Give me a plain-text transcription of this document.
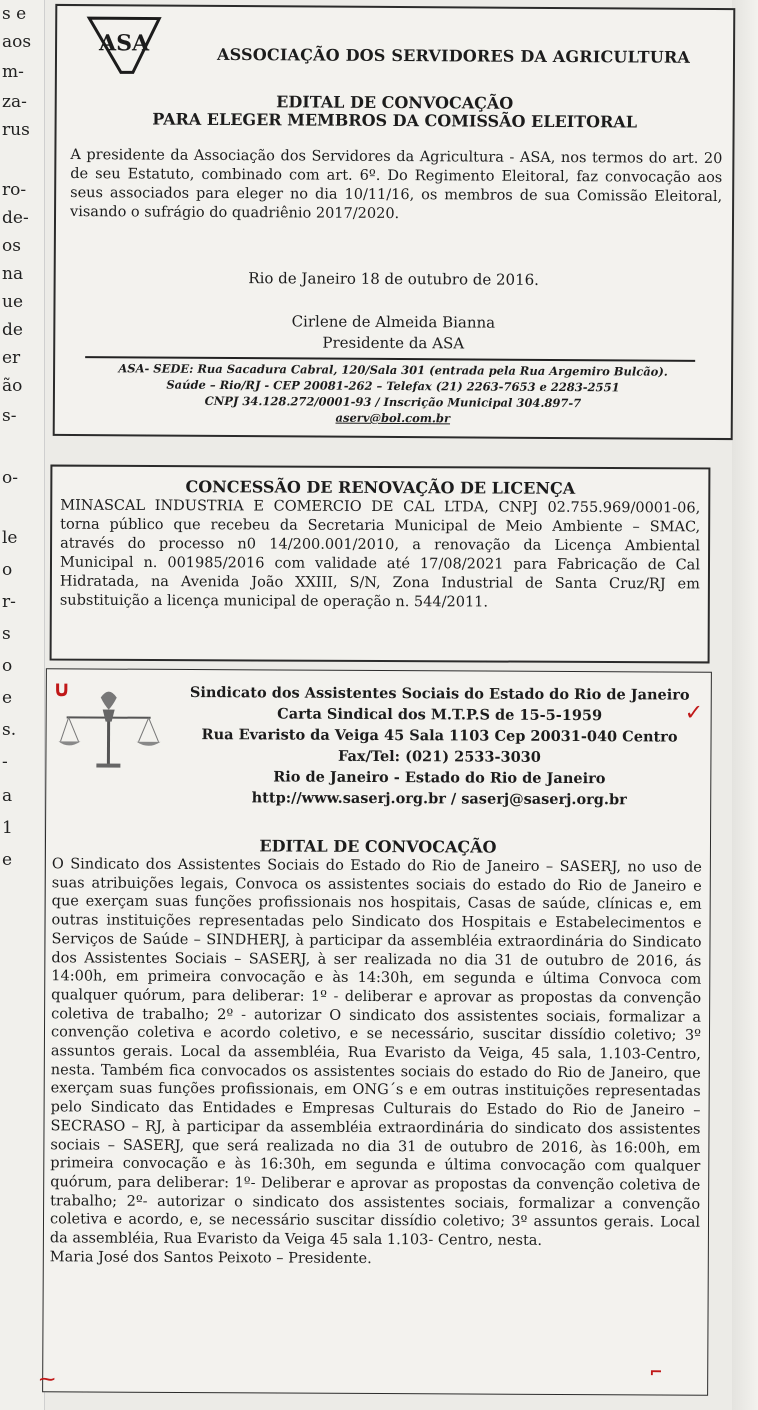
s e
aos
m-
za-
rus
ro-
de-
os
na
ue
de
er
ão
s-
o-
le
o
r-
s
o
e
s.
-
a
1
e
ASA	ASSOCIAÇÃO DOS SERVIDORES DA AGRICULTURA
EDITAL DE CONVOCAÇÃO
PARA ELEGER MEMBROS DA COMISSÃO ELEITORAL
A presidente da Associação dos Servidores da Agricultura - ASA, nos termos do art. 20 de seu Estatuto, combinado com art. 6º. Do Regimento Eleitoral, faz convocação aos seus associados para eleger no dia 10/11/16, os membros de sua Comissão Eleitoral, visando o sufrágio do quadriênio 2017/2020.
Rio de Janeiro 18 de outubro de 2016.
Cirlene de Almeida Bianna
Presidente da ASA
ASA- SEDE: Rua Sacadura Cabral, 120/Sala 301 (entrada pela Rua Argemiro Bulcão).
Saúde – Rio/RJ - CEP 20081-262 – Telefax (21) 2263-7653 e 2283-2551
CNPJ 34.128.272/0001-93 / Inscrição Municipal 304.897-7
aserv@bol.com.br
CONCESSÃO DE RENOVAÇÃO DE LICENÇA
MINASCAL INDUSTRIA E COMERCIO DE CAL LTDA, CNPJ 02.755.969/0001-06, torna público que recebeu da Secretaria Municipal de Meio Ambiente – SMAC, através do processo n0 14/200.001/2010, a renovação da Licença Ambiental Municipal n. 001985/2016 com validade até 17/08/2021 para Fabricação de Cal Hidratada, na Avenida João XXIII, S/N, Zona Industrial de Santa Cruz/RJ em substituição a licença municipal de operação n. 544/2011.
Sindicato dos Assistentes Sociais do Estado do Rio de Janeiro
Carta Sindical dos M.T.P.S de 15-5-1959
Rua Evaristo da Veiga 45 Sala 1103 Cep 20031-040 Centro
Fax/Tel: (021) 2533-3030
Rio de Janeiro - Estado do Rio de Janeiro
http://www.saserj.org.br / saserj@saserj.org.br
EDITAL DE CONVOCAÇÃO
O Sindicato dos Assistentes Sociais do Estado do Rio de Janeiro – SASERJ, no uso de suas atribuições legais, Convoca os assistentes sociais do estado do Rio de Janeiro e que exerçam suas funções profissionais nos hospitais, Casas de saúde, clínicas e, em outras instituições representadas pelo Sindicato dos Hospitais e Estabelecimentos e Serviços de Saúde – SINDHERJ, à participar da assembléia extraordinária do Sindicato dos Assistentes Sociais – SASERJ, à ser realizada no dia 31 de outubro de 2016, ás 14:00h, em primeira convocação e às 14:30h, em segunda e última Convoca com qualquer quórum, para deliberar: 1º - deliberar e aprovar as propostas da convenção coletiva de trabalho; 2º - autorizar O sindicato dos assistentes sociais, formalizar a convenção coletiva e acordo coletivo, e se necessário, suscitar dissídio coletivo; 3º assuntos gerais. Local da assembléia, Rua Evaristo da Veiga, 45 sala, 1.103-Centro, nesta. Também fica convocados os assistentes sociais do estado do Rio de Janeiro, que exerçam suas funções profissionais, em ONG´s e em outras instituições representadas pelo Sindicato das Entidades e Empresas Culturais do Estado do Rio de Janeiro – SECRASO – RJ, à participar da assembléia extraordinária do sindicato dos assistentes sociais – SASERJ, que será realizada no dia 31 de outubro de 2016, às 16:00h, em primeira convocação e às 16:30h, em segunda e última convocação com qualquer quórum, para deliberar: 1º- Deliberar e aprovar as propostas da convenção coletiva de trabalho; 2º- autorizar o sindicato dos assistentes sociais, formalizar a convenção coletiva e acordo, e, se necessário suscitar dissídio coletivo; 3º assuntos gerais. Local da assembléia, Rua Evaristo da Veiga 45 sala 1.103- Centro, nesta.
Maria José dos Santos Peixoto – Presidente.
∪
✓
⌐
⁓
